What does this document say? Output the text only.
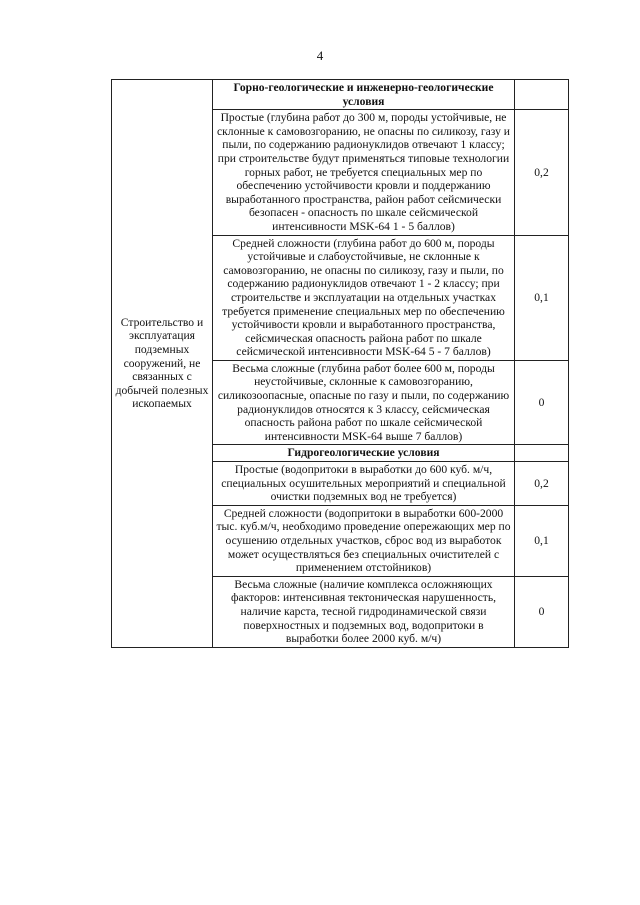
4
Строительство и эксплуатация подземных сооружений, не связанных с добычей полезных ископаемых	Горно-геологические и инженерно-геологические условия	
	Простые (глубина работ до 300 м, породы устойчивые, не склонные к самовозгоранию, не опасны по силикозу, газу и пыли, по содержанию радионуклидов отвечают 1 классу; при строительстве будут применяться типовые технологии горных работ, не требуется специальных мер по обеспечению устойчивости кровли и поддержанию выработанного пространства, район работ сейсмически безопасен - опасность по шкале сейсмической интенсивности MSK-64 1 - 5 баллов)	0,2
	Средней сложности (глубина работ до 600 м, породы устойчивые и слабоустойчивые, не склонные к самовозгоранию, не опасны по силикозу, газу и пыли, по содержанию радионуклидов отвечают 1 - 2 классу; при строительстве и эксплуатации на отдельных участках требуется применение специальных мер по обеспечению устойчивости кровли и выработанного пространства, сейсмическая опасность района работ по шкале сейсмической интенсивности MSK-64 5 - 7 баллов)	0,1
	Весьма сложные (глубина работ более 600 м, породы неустойчивые, склонные к самовозгоранию, силикозоопасные, опасные по газу и пыли, по содержанию радионуклидов относятся к 3 классу, сейсмическая опасность района работ по шкале сейсмической интенсивности MSK-64 выше 7 баллов)	0
	Гидрогеологические условия	
	Простые (водопритоки в выработки до 600 куб. м/ч, специальных осушительных мероприятий и специальной очистки подземных вод не требуется)	0,2
	Средней сложности (водопритоки в выработки 600-2000 тыс. куб.м/ч, необходимо проведение опережающих мер по осушению отдельных участков, сброс вод из выработок может осуществляться без специальных очистителей с применением отстойников)	0,1
	Весьма сложные (наличие комплекса осложняющих факторов: интенсивная тектоническая нарушенность, наличие карста, тесной гидродинамической связи поверхностных и подземных вод, водопритоки в выработки более 2000 куб. м/ч)	0
